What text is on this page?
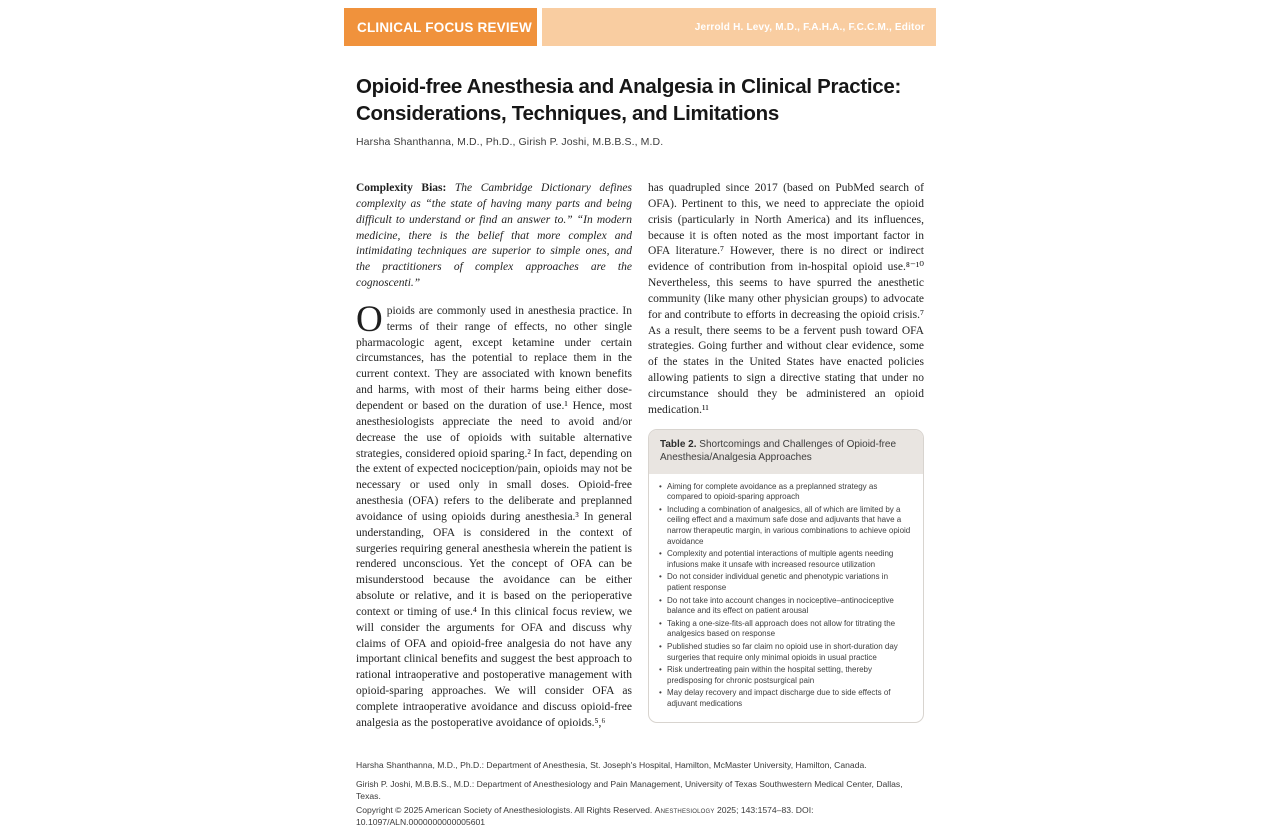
CLINICAL FOCUS REVIEW	Jerrold H. Levy, M.D., F.A.H.A., F.C.C.M., Editor
Opioid-free Anesthesia and Analgesia in Clinical Practice:
Considerations, Techniques, and Limitations
Harsha Shanthanna, M.D., Ph.D., Girish P. Joshi, M.B.B.S., M.D.

Complexity Bias: The Cambridge Dictionary defines complexity as “the state of having many parts and being difficult to understand or find an answer to.” “In modern medicine, there is the belief that more complex and intimidating techniques are superior to simple ones, and the practitioners of complex approaches are the cognoscenti.”

Opioids are commonly used in anesthesia practice. In terms of their range of effects, no other single pharmacologic agent, except ketamine under certain circumstances, has the potential to replace them in the current context. They are associated with known benefits and harms, with most of their harms being either dose-dependent or based on the duration of use.¹ Hence, most anesthesiologists appreciate the need to avoid and/or decrease the use of opioids with suitable alternative strategies, considered opioid sparing.² In fact, depending on the extent of expected nociception/pain, opioids may not be necessary or used only in small doses. Opioid-free anesthesia (OFA) refers to the deliberate and preplanned avoidance of using opioids during anesthesia.³ In general understanding, OFA is considered in the context of surgeries requiring general anesthesia wherein the patient is rendered unconscious. Yet the concept of OFA can be misunderstood because the avoidance can be either absolute or relative, and it is based on the perioperative context or timing of use.⁴ In this clinical focus review, we will consider the arguments for OFA and discuss why claims of OFA and opioid-free analgesia do not have any important clinical benefits and suggest the best approach to rational intraoperative and postoperative management with opioid-sparing approaches. We will consider OFA as complete intraoperative avoidance and discuss opioid-free analgesia as the postoperative avoidance of opioids.⁵,⁶

has quadrupled since 2017 (based on PubMed search of OFA). Pertinent to this, we need to appreciate the opioid crisis (particularly in North America) and its influences, because it is often noted as the most important factor in OFA literature.⁷ However, there is no direct or indirect evidence of contribution from in-hospital opioid use.⁸⁻¹⁰ Nevertheless, this seems to have spurred the anesthetic community (like many other physician groups) to advocate for and contribute to efforts in decreasing the opioid crisis.⁷ As a result, there seems to be a fervent push toward OFA strategies. Going further and without clear evidence, some of the states in the United States have enacted policies allowing patients to sign a directive stating that under no circumstance should they be administered an opioid medication.¹¹

Table 2. Shortcomings and Challenges of Opioid-free Anesthesia/Analgesia Approaches
• Aiming for complete avoidance as a preplanned strategy as compared to opioid-sparing approach
• Including a combination of analgesics, all of which are limited by a ceiling effect and a maximum safe dose and adjuvants that have a narrow therapeutic margin, in various combinations to achieve opioid avoidance
• Complexity and potential interactions of multiple agents needing infusions make it unsafe with increased resource utilization
• Do not consider individual genetic and phenotypic variations in patient response
• Do not take into account changes in nociceptive–antinociceptive balance and its effect on patient arousal
• Taking a one-size-fits-all approach does not allow for titrating the analgesics based on response
• Published studies so far claim no opioid use in short-duration day surgeries that require only minimal opioids in usual practice
• Risk undertreating pain within the hospital setting, thereby predisposing for chronic postsurgical pain
• May delay recovery and impact discharge due to side effects of adjuvant medications

Harsha Shanthanna, M.D., Ph.D.: Department of Anesthesia, St. Joseph's Hospital, Hamilton, McMaster University, Hamilton, Canada.

Girish P. Joshi, M.B.B.S., M.D.: Department of Anesthesiology and Pain Management, University of Texas Southwestern Medical Center, Dallas, Texas.

Copyright © 2025 American Society of Anesthesiologists. All Rights Reserved. Anesthesiology 2025; 143:1574–83. DOI: 10.1097/ALN.0000000000005601
